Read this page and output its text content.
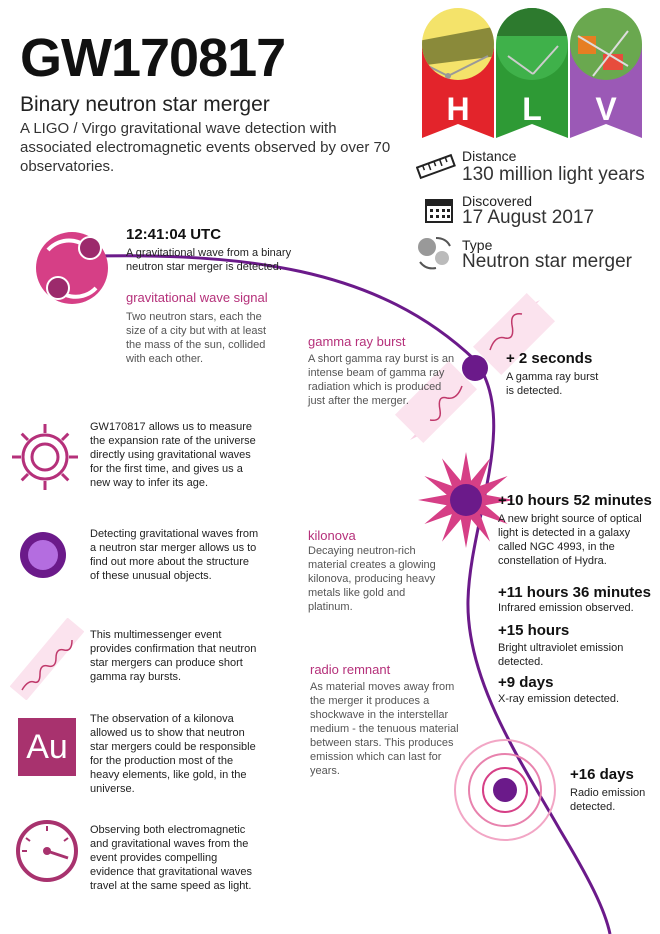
GW170817
Binary neutron star merger
A LIGO / Virgo gravitational wave detection with associated electromagnetic events observed by over 70 observatories.
H L V
Distance
130 million light years
Discovered
17 August 2017
Type
Neutron star merger
12:41:04 UTC
A gravitational wave from a binary neutron star merger is detected.
gravitational wave signal
Two neutron stars, each the size of a city but with at least the mass of the sun, collided with each other.
gamma ray burst
A short gamma ray burst is an intense beam of gamma ray radiation which is produced just after the merger.
+ 2 seconds
A gamma ray burst is detected.
+10 hours 52 minutes
A new bright source of optical light is detected in a galaxy called NGC 4993, in the constellation of Hydra.
kilonova
Decaying neutron-rich material creates a glowing kilonova, producing heavy metals like gold and platinum.
+11 hours 36 minutes
Infrared emission observed.
+15 hours
Bright ultraviolet emission detected.
+9 days
X-ray emission detected.
radio remnant
As material moves away from the merger it produces a shockwave in the interstellar medium - the tenuous material between stars. This produces emission which can last for years.	+16 days
Radio emission detected.
GW170817 allows us to measure the expansion rate of the universe directly using gravitational waves for the first time, and gives us a new way to infer its age.
Detecting gravitational waves from a neutron star merger allows us to find out more about the structure of these unusual objects.
This multimessenger event provides confirmation that neutron star mergers can produce short gamma ray bursts.
Au
The observation of a kilonova allowed us to show that neutron star mergers could be responsible for the production most of the heavy elements, like gold, in the universe.
Observing both electromagnetic and gravitational waves from the event provides compelling evidence that gravitational waves travel at the same speed as light.
